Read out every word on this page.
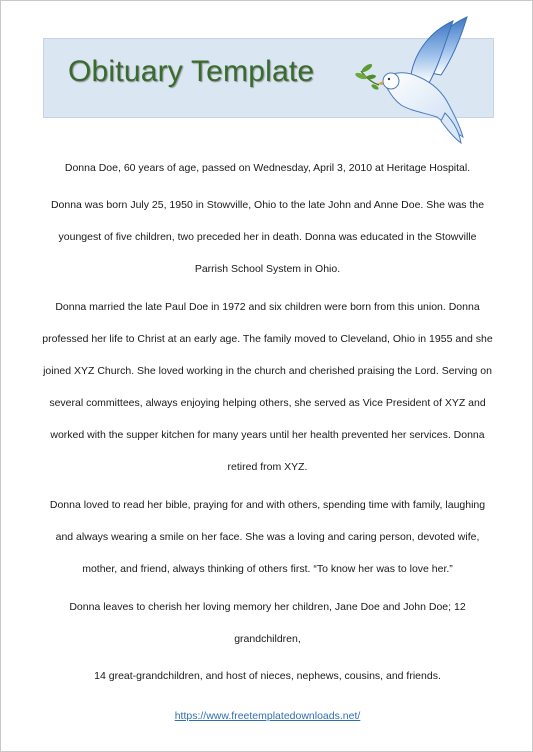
Obituary Template

Donna Doe, 60 years of age, passed on Wednesday, April 3, 2010 at Heritage Hospital.

Donna was born July 25, 1950 in Stowville, Ohio to the late John and Anne Doe. She was the youngest of five children, two preceded her in death. Donna was educated in the Stowville Parrish School System in Ohio.

Donna married the late Paul Doe in 1972 and six children were born from this union. Donna professed her life to Christ at an early age. The family moved to Cleveland, Ohio in 1955 and she joined XYZ Church. She loved working in the church and cherished praising the Lord. Serving on several committees, always enjoying helping others, she served as Vice President of XYZ and worked with the supper kitchen for many years until her health prevented her services. Donna retired from XYZ.

Donna loved to read her bible, praying for and with others, spending time with family, laughing and always wearing a smile on her face. She was a loving and caring person, devoted wife, mother, and friend, always thinking of others first. “To know her was to love her.”

Donna leaves to cherish her loving memory her children, Jane Doe and John Doe; 12 grandchildren,

14 great-grandchildren, and host of nieces, nephews, cousins, and friends.

https://www.freetemplatedownloads.net/
